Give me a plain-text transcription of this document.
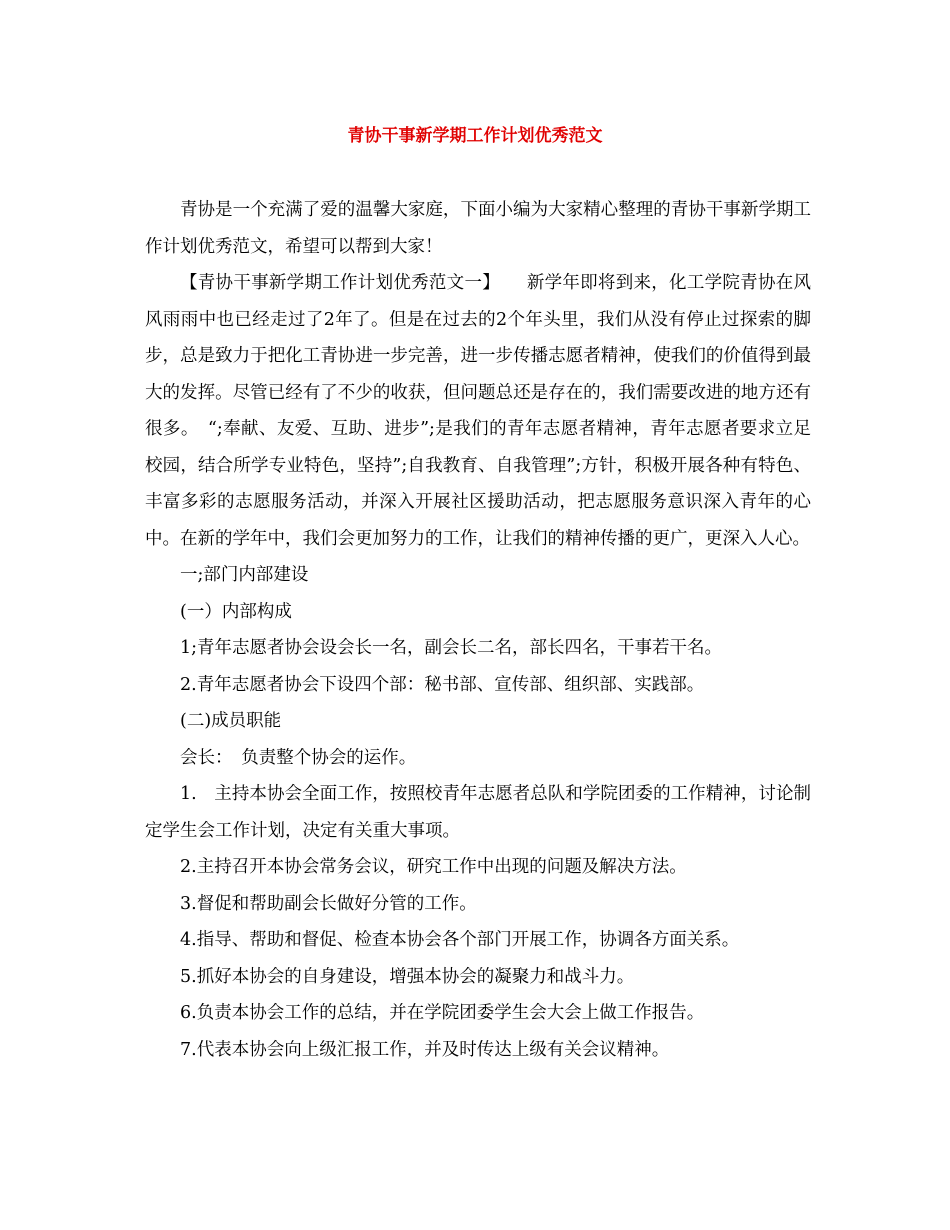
青协干事新学期工作计划优秀范文

青协是一个充满了爱的温馨大家庭，下面小编为大家精心整理的青协干事新学期工作计划优秀范文，希望可以帮到大家！

【青协干事新学期工作计划优秀范文一】　　新学年即将到来，化工学院青协在风风雨雨中也已经走过了2年了。但是在过去的2个年头里，我们从没有停止过探索的脚步，总是致力于把化工青协进一步完善，进一步传播志愿者精神，使我们的价值得到最大的发挥。尽管已经有了不少的收获，但问题总还是存在的，我们需要改进的地方还有很多。　“;奉献、友爱、互助、进步”;是我们的青年志愿者精神，青年志愿者要求立足校园，结合所学专业特色，坚持”;自我教育、自我管理”;方针，积极开展各种有特色、丰富多彩的志愿服务活动，并深入开展社区援助活动，把志愿服务意识深入青年的心中。在新的学年中，我们会更加努力的工作，让我们的精神传播的更广，更深入人心。

一;部门内部建设

(一）内部构成

1;青年志愿者协会设会长一名，副会长二名，部长四名，干事若干名。

2.青年志愿者协会下设四个部：秘书部、宣传部、组织部、实践部。

(二)成员职能

会长：　负责整个协会的运作。

1.　主持本协会全面工作，按照校青年志愿者总队和学院团委的工作精神，讨论制定学生会工作计划，决定有关重大事项。

2.主持召开本协会常务会议，研究工作中出现的问题及解决方法。

3.督促和帮助副会长做好分管的工作。

4.指导、帮助和督促、检查本协会各个部门开展工作，协调各方面关系。

5.抓好本协会的自身建设，增强本协会的凝聚力和战斗力。

6.负责本协会工作的总结，并在学院团委学生会大会上做工作报告。

7.代表本协会向上级汇报工作，并及时传达上级有关会议精神。
